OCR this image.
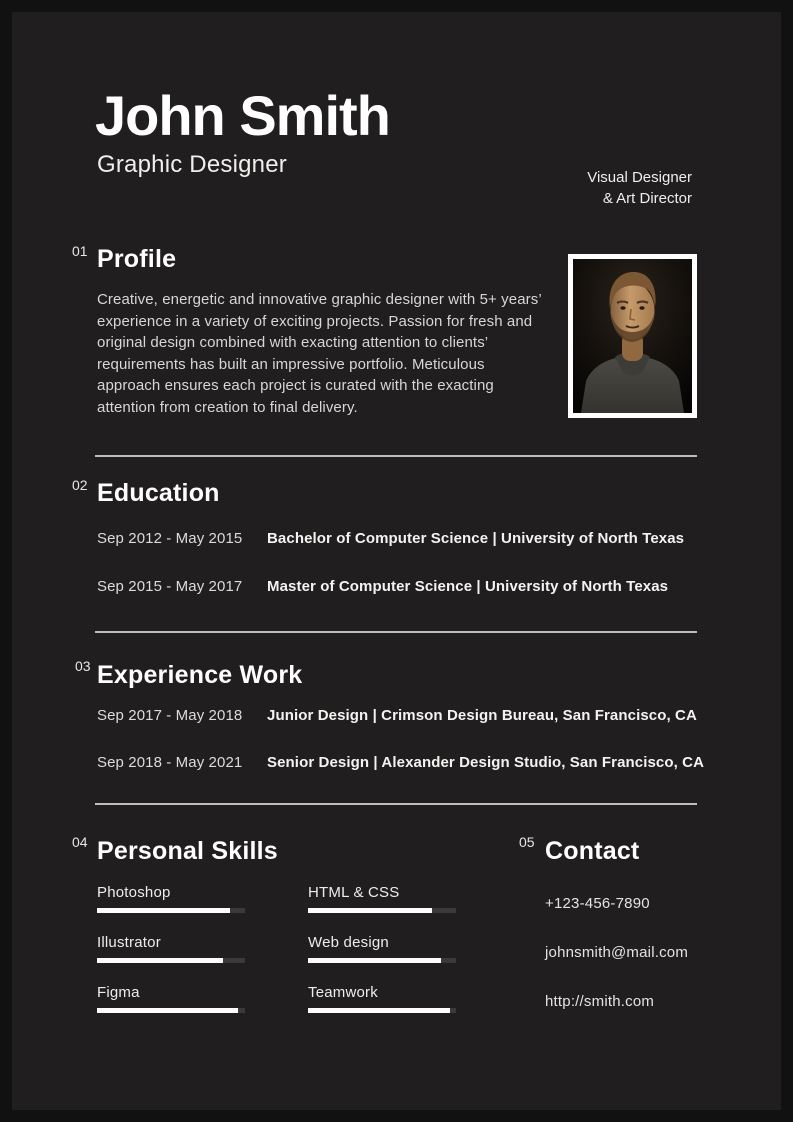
John Smith
Graphic Designer	Visual Designer
& Art Director
01 Profile
Creative, energetic and innovative graphic designer with 5+ years’ experience in a variety of exciting projects. Passion for fresh and original design combined with exacting attention to clients’ requirements has built an impressive portfolio. Meticulous approach ensures each project is curated with the exacting attention from creation to final delivery.
02 Education
Sep 2012 - May 2015	Bachelor of Computer Science | University of North Texas
Sep 2015 - May 2017	Master of Computer Science | University of North Texas
03 Experience Work
Sep 2017 - May 2018	Junior Design | Crimson Design Bureau, San Francisco, CA
Sep 2018 - May 2021	Senior Design | Alexander Design Studio, San Francisco, CA
04 Personal Skills
Photoshop	HTML & CSS
Illustrator	Web design
Figma	Teamwork
05 Contact
+123-456-7890
johnsmith@mail.com
http://smith.com
